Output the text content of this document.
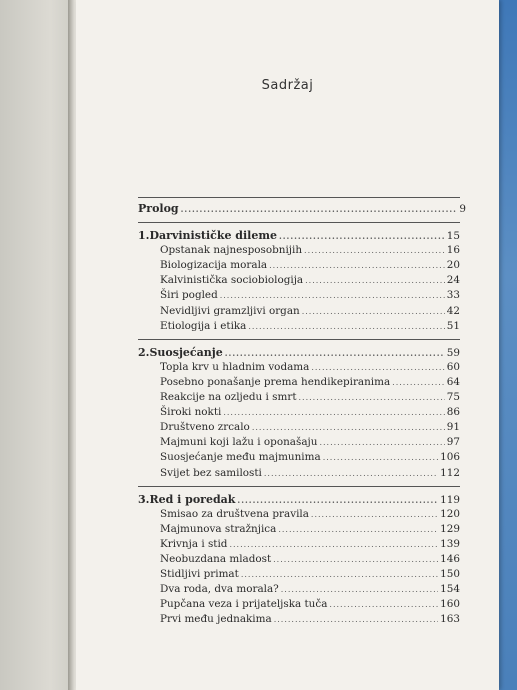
Sadržaj
Prolog .....	9
1. Darvinističke dileme .....	15
Opstanak najnesposobnijih .....	16
Biologizacija morala .....	20
Kalvinistička sociobiologija .....	24
Širi pogled .....	33
Nevidljivi gramzljivi organ .....	42
Etiologija i etika .....	51
2. Suosjećanje .....	59
Topla krv u hladnim vodama .....	60
Posebno ponašanje prema hendikepiranima .....	64
Reakcije na ozljedu i smrt .....	75
Široki nokti .....	86
Društveno zrcalo .....	91
Majmuni koji lažu i oponašaju .....	97
Suosjećanje među majmunima .....	106
Svijet bez samilosti .....	112
3. Red i poredak .....	119
Smisao za društvena pravila .....	120
Majmunova stražnjica .....	129
Krivnja i stid .....	139
Neobuzdana mladost .....	146
Stidljivi primat .....	150
Dva roda, dva morala? .....	154
Pupčana veza i prijateljska tuča .....	160
Prvi među jednakima .....	163
